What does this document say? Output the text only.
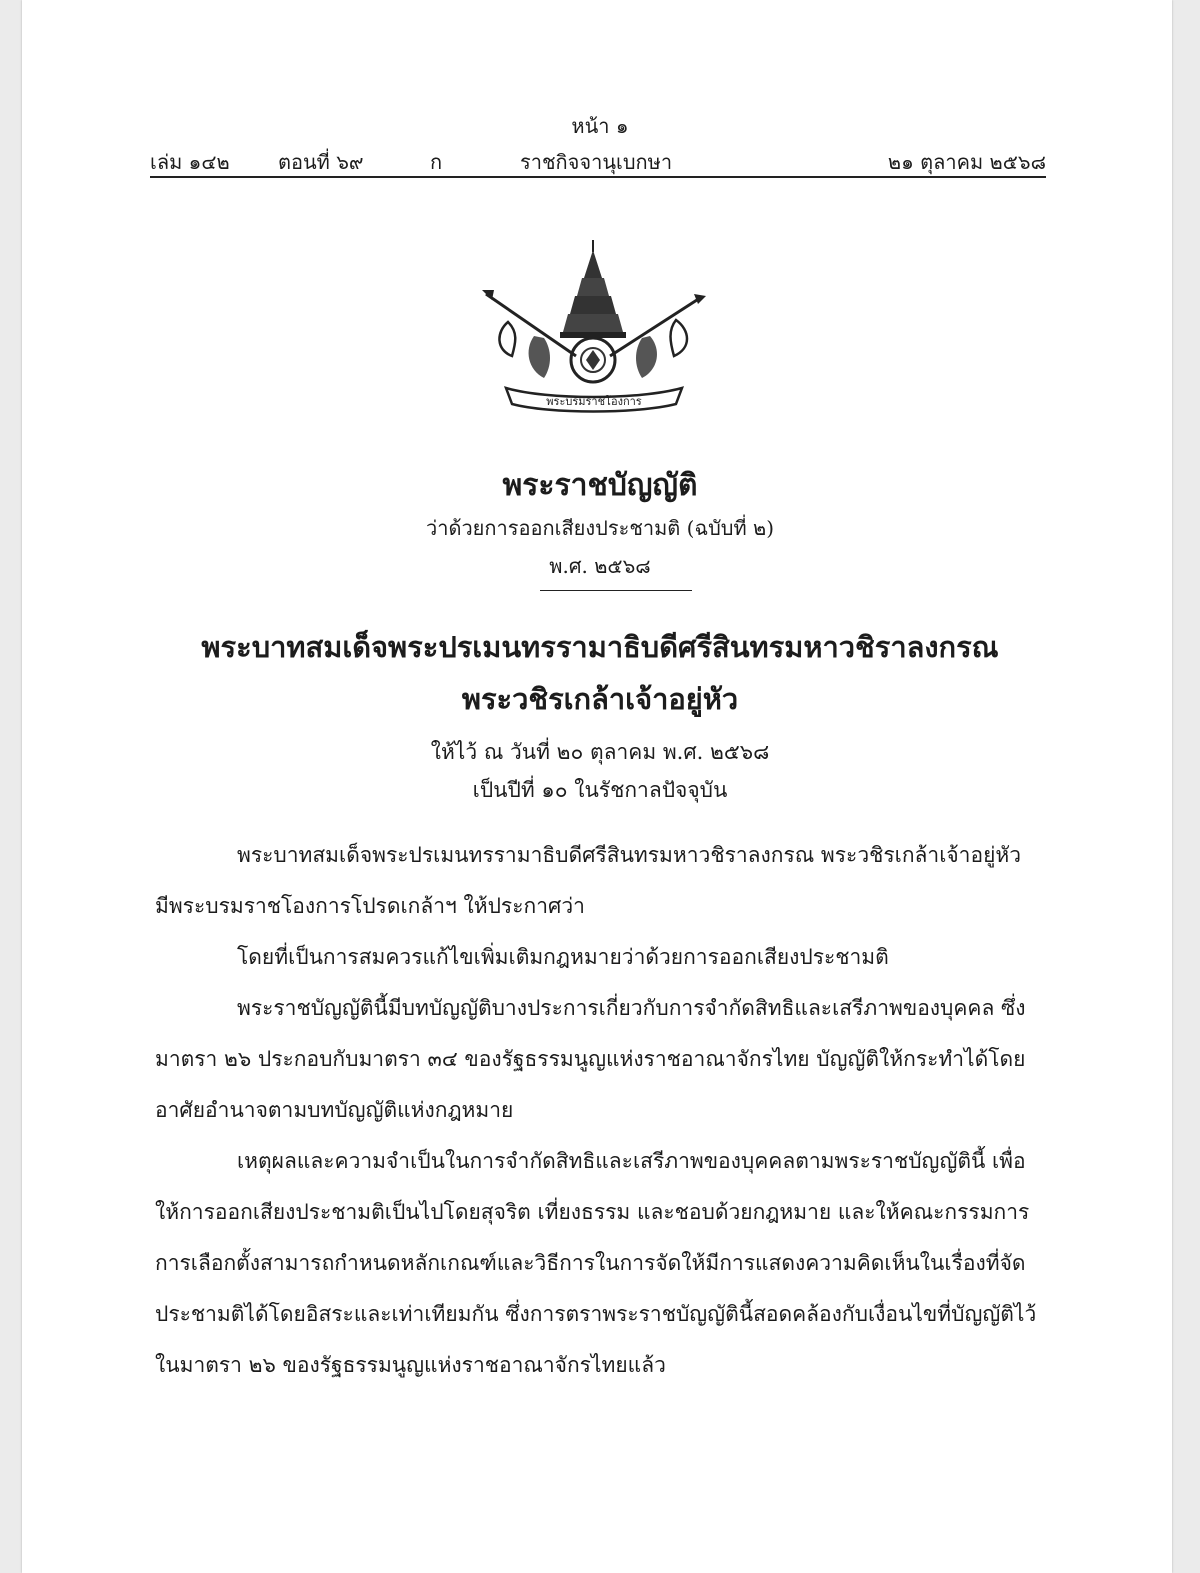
หน้า ๑
เล่ม ๑๔๒ ตอนที่ ๖๙	ก	ราชกิจจานุเบกษา	๒๑ ตุลาคม ๒๕๖๘
พระบรมราชโองการ
พระราชบัญญัติ
ว่าด้วยการออกเสียงประชามติ (ฉบับที่ ๒)
พ.ศ. ๒๕๖๘
พระบาทสมเด็จพระปรเมนทรรามาธิบดีศรีสินทรมหาวชิราลงกรณ
พระวชิรเกล้าเจ้าอยู่หัว
ให้ไว้ ณ วันที่ ๒๐ ตุลาคม พ.ศ. ๒๕๖๘
เป็นปีที่ ๑๐ ในรัชกาลปัจจุบัน

พระบาทสมเด็จพระปรเมนทรรามาธิบดีศรีสินทรมหาวชิราลงกรณ พระวชิรเกล้าเจ้าอยู่หัว มีพระบรมราชโองการโปรดเกล้าฯ ให้ประกาศว่า

โดยที่เป็นการสมควรแก้ไขเพิ่มเติมกฎหมายว่าด้วยการออกเสียงประชามติ

พระราชบัญญัตินี้มีบทบัญญัติบางประการเกี่ยวกับการจำกัดสิทธิและเสรีภาพของบุคคล ซึ่งมาตรา ๒๖ ประกอบกับมาตรา ๓๔ ของรัฐธรรมนูญแห่งราชอาณาจักรไทย บัญญัติให้กระทำได้โดยอาศัยอำนาจตามบทบัญญัติแห่งกฎหมาย

เหตุผลและความจำเป็นในการจำกัดสิทธิและเสรีภาพของบุคคลตามพระราชบัญญัตินี้ เพื่อให้การออกเสียงประชามติเป็นไปโดยสุจริต เที่ยงธรรม และชอบด้วยกฎหมาย และให้คณะกรรมการการเลือกตั้งสามารถกำหนดหลักเกณฑ์และวิธีการในการจัดให้มีการแสดงความคิดเห็นในเรื่องที่จัดประชามติได้โดยอิสระและเท่าเทียมกัน ซึ่งการตราพระราชบัญญัตินี้สอดคล้องกับเงื่อนไขที่บัญญัติไว้ในมาตรา ๒๖ ของรัฐธรรมนูญแห่งราชอาณาจักรไทยแล้ว
